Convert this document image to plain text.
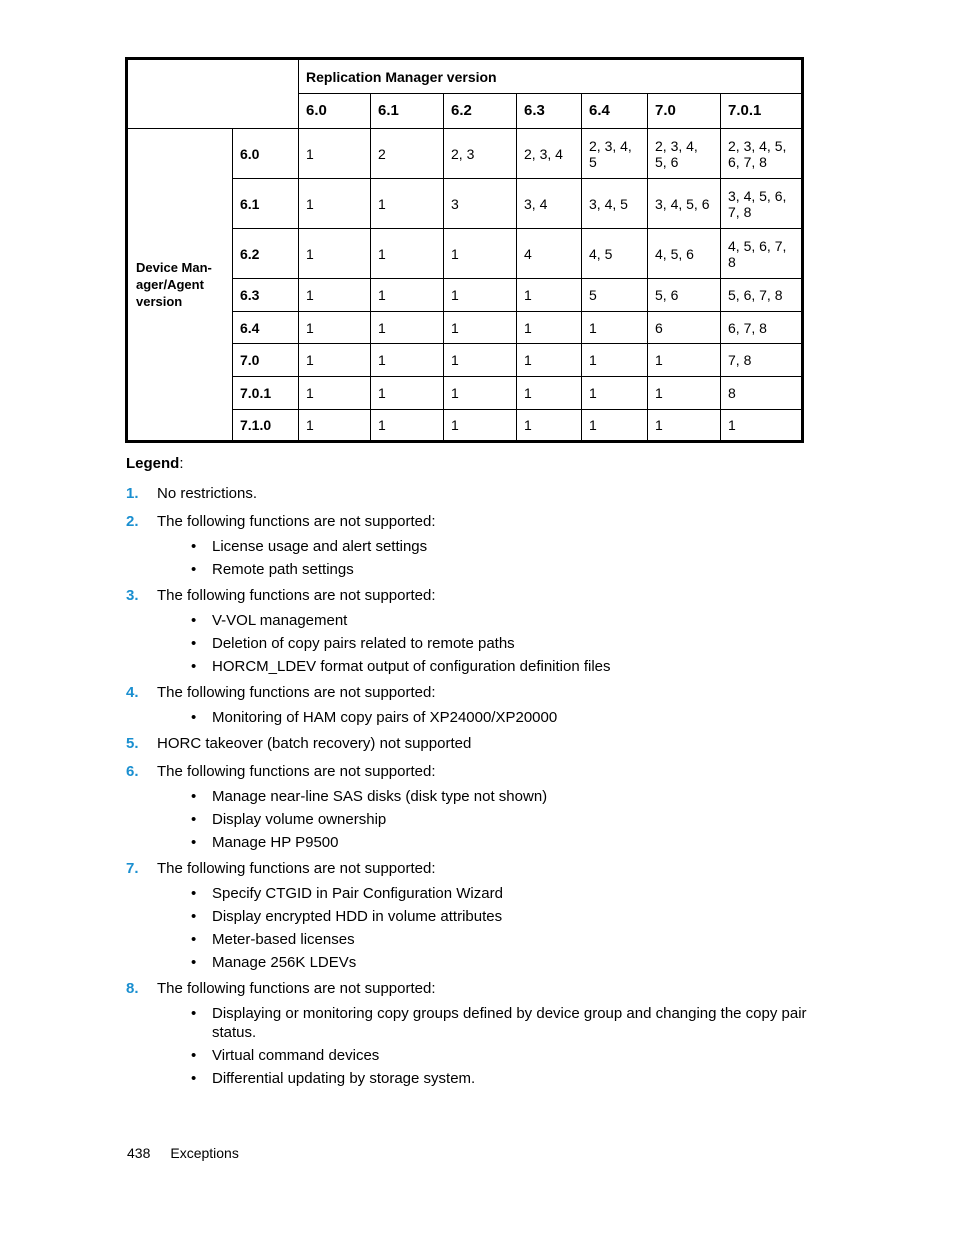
		Replication Manager version						
		6.0	6.1	6.2	6.3	6.4	7.0	7.0.1
Device Man-
ager/Agent
version	6.0	1	2	2, 3	2, 3, 4	2, 3, 4, 5	2, 3, 4, 5, 6	2, 3, 4, 5, 6, 7, 8
	6.1	1	1	3	3, 4	3, 4, 5	3, 4, 5, 6	3, 4, 5, 6, 7, 8
	6.2	1	1	1	4	4, 5	4, 5, 6	4, 5, 6, 7, 8
	6.3	1	1	1	1	5	5, 6	5, 6, 7, 8
	6.4	1	1	1	1	1	6	6, 7, 8
	7.0	1	1	1	1	1	1	7, 8
	7.0.1	1	1	1	1	1	1	8
	7.1.0	1	1	1	1	1	1	1
Legend:
1. No restrictions.
2. The following functions are not supported:
• License usage and alert settings
• Remote path settings
3. The following functions are not supported:
• V-VOL management
• Deletion of copy pairs related to remote paths
• HORCM_LDEV format output of configuration definition files
4. The following functions are not supported:
• Monitoring of HAM copy pairs of XP24000/XP20000
5. HORC takeover (batch recovery) not supported
6. The following functions are not supported:
• Manage near-line SAS disks (disk type not shown)
• Display volume ownership
• Manage HP P9500
7. The following functions are not supported:
• Specify CTGID in Pair Configuration Wizard
• Display encrypted HDD in volume attributes
• Meter-based licenses
• Manage 256K LDEVs
8. The following functions are not supported:
• Displaying or monitoring copy groups defined by device group and changing the copy pair status.
• Virtual command devices
• Differential updating by storage system.
438 Exceptions
